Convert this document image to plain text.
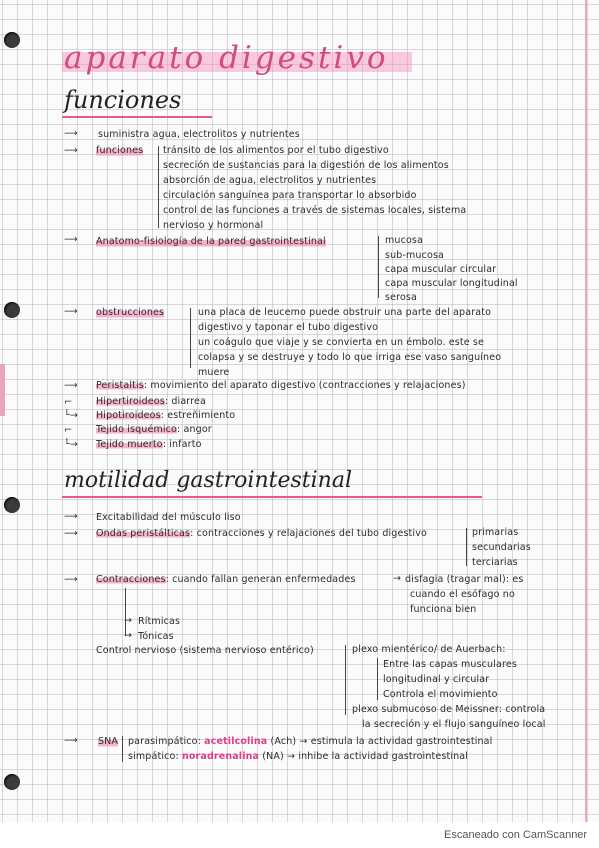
aparato digestivo
funciones
⟶ suministra agua, electrolitos y nutrientes
⟶ funciones tránsito de los alimentos por el tubo digestivo
secreción de sustancias para la digestión de los alimentos
absorción de agua, electrolitos y nutrientes
circulación sanguínea para transportar lo absorbido
control de las funciones a través de sistemas locales, sistema
nervioso y hormonal
⟶ Anatomo-fisiología de la pared gastrointestinal	mucosa
sub-mucosa
capa muscular circular
capa muscular longitudinal
serosa
⟶ obstrucciones	una placa de leucemo puede obstruir una parte del aparato
digestivo y taponar el tubo digestivo
un coágulo que viaje y se convierta en un émbolo. este se
colapsa y se destruye y todo lo que irriga ese vaso sanguíneo
muere
⟶ Peristaltis: movimiento del aparato digestivo (contracciones y relajaciones)
⌐ Hipertiroideos: diarrea
└→ Hipotiroideos: estreñimiento
⌐ Tejido isquémico: angor
└→ Tejido muerto: infarto
motilidad gastrointestinal
⟶ Excitabilidad del músculo liso
⟶ Ondas peristálticas: contracciones y relajaciones del tubo digestivo	primarias
secundarias
terciarias
⟶ Contracciones: cuando fallan generan enfermedades	→ disfagia (tragar mal): es
cuando el esófago no
funciona bien
→ Rítmicas
→ Tónicas
Control nervioso (sistema nervioso entérico)	plexo mientérico/ de Auerbach:
Entre las capas musculares
longitudinal y circular
Controla el movimiento
plexo submucoso de Meissner: controla
la secreción y el flujo sanguíneo local
⟶ SNA parasimpático: acetilcolina (Ach) → estimula la actividad gastrointestinal
simpático: noradrenalina (NA) → inhibe la actividad gastrointestinal
Escaneado con CamScanner
